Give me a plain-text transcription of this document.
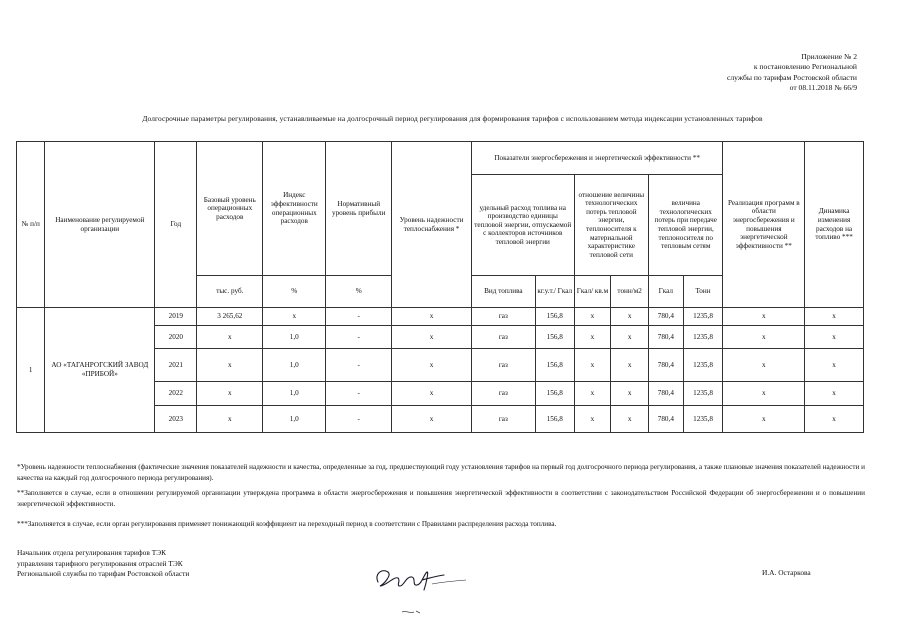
Приложение № 2
к постановлению Региональной
службы по тарифам Ростовской области
от 08.11.2018 № 66/9
Долгосрочные параметры регулирования, устанавливаемые на долгосрочный период регулирования для формирования тарифов с использованием метода индексации установленных тарифов
№ п/п	Наименование регулируемой организации	Год	Базовый уровень операционных расходов	Индекс эффективности операционных расходов	Нормативный уровень прибыли	Уровень надежности теплоснабжения *	Показатели энергосбережения и энергетической эффективности **						Реализация программ в области энергосбережения и повышения энергетической эффективности **	Динамика изменения расходов на топливо ***
							удельный расход топлива на производство единицы тепловой энергии, отпускаемой с коллекторов источников тепловой энергии		отношение величины технологических потерь тепловой энергии, теплоносителя к материальной характеристике тепловой сети		величина технологических потерь при передаче тепловой энергии, теплоносителя по тепловым сетям			
			тыс. руб.	%	%		Вид топлива	кг.у.т./ Гкал	Гкал/ кв.м	тонн/м2	Гкал	Тонн		
1	АО «ТАГАНРОГСКИЙ ЗАВОД «ПРИБОЙ»	2019	3 265,62	х	-	х	газ	156,8	х	х	780,4	1235,8	х	х
		2020	х	1,0	-	х	газ	156,8	х	х	780,4	1235,8	х	х
		2021	х	1,0	-	х	газ	156,8	х	х	780,4	1235,8	х	х
		2022	х	1,0	-	х	газ	156,8	х	х	780,4	1235,8	х	х
		2023	х	1,0	-	х	газ	156,8	х	х	780,4	1235,8	х	х
*Уровень надежности теплоснабжения (фактические значения показателей надежности и качества, определенные за год, предшествующий году установления тарифов на первый год долгосрочного периода регулирования, а также плановые значения показателей надежности и качества на каждый год долгосрочного периода регулирования).
**Заполняется в случае, если в отношении регулируемой организации утверждена программа в области энергосбережения и повышения энергетической эффективности в соответствии с законодательством Российской Федерации об энергосбережении и о повышении энергетической эффективности.
***Заполняется в случае, если орган регулирования применяет понижающий коэффициент на переходный период в соответствии с Правилами распределения расхода топлива.
Начальник отдела регулирования тарифов ТЭК
управления тарифного регулирования отраслей ТЭК
Региональной службы по тарифам Ростовской области	И.А. Остаркова
